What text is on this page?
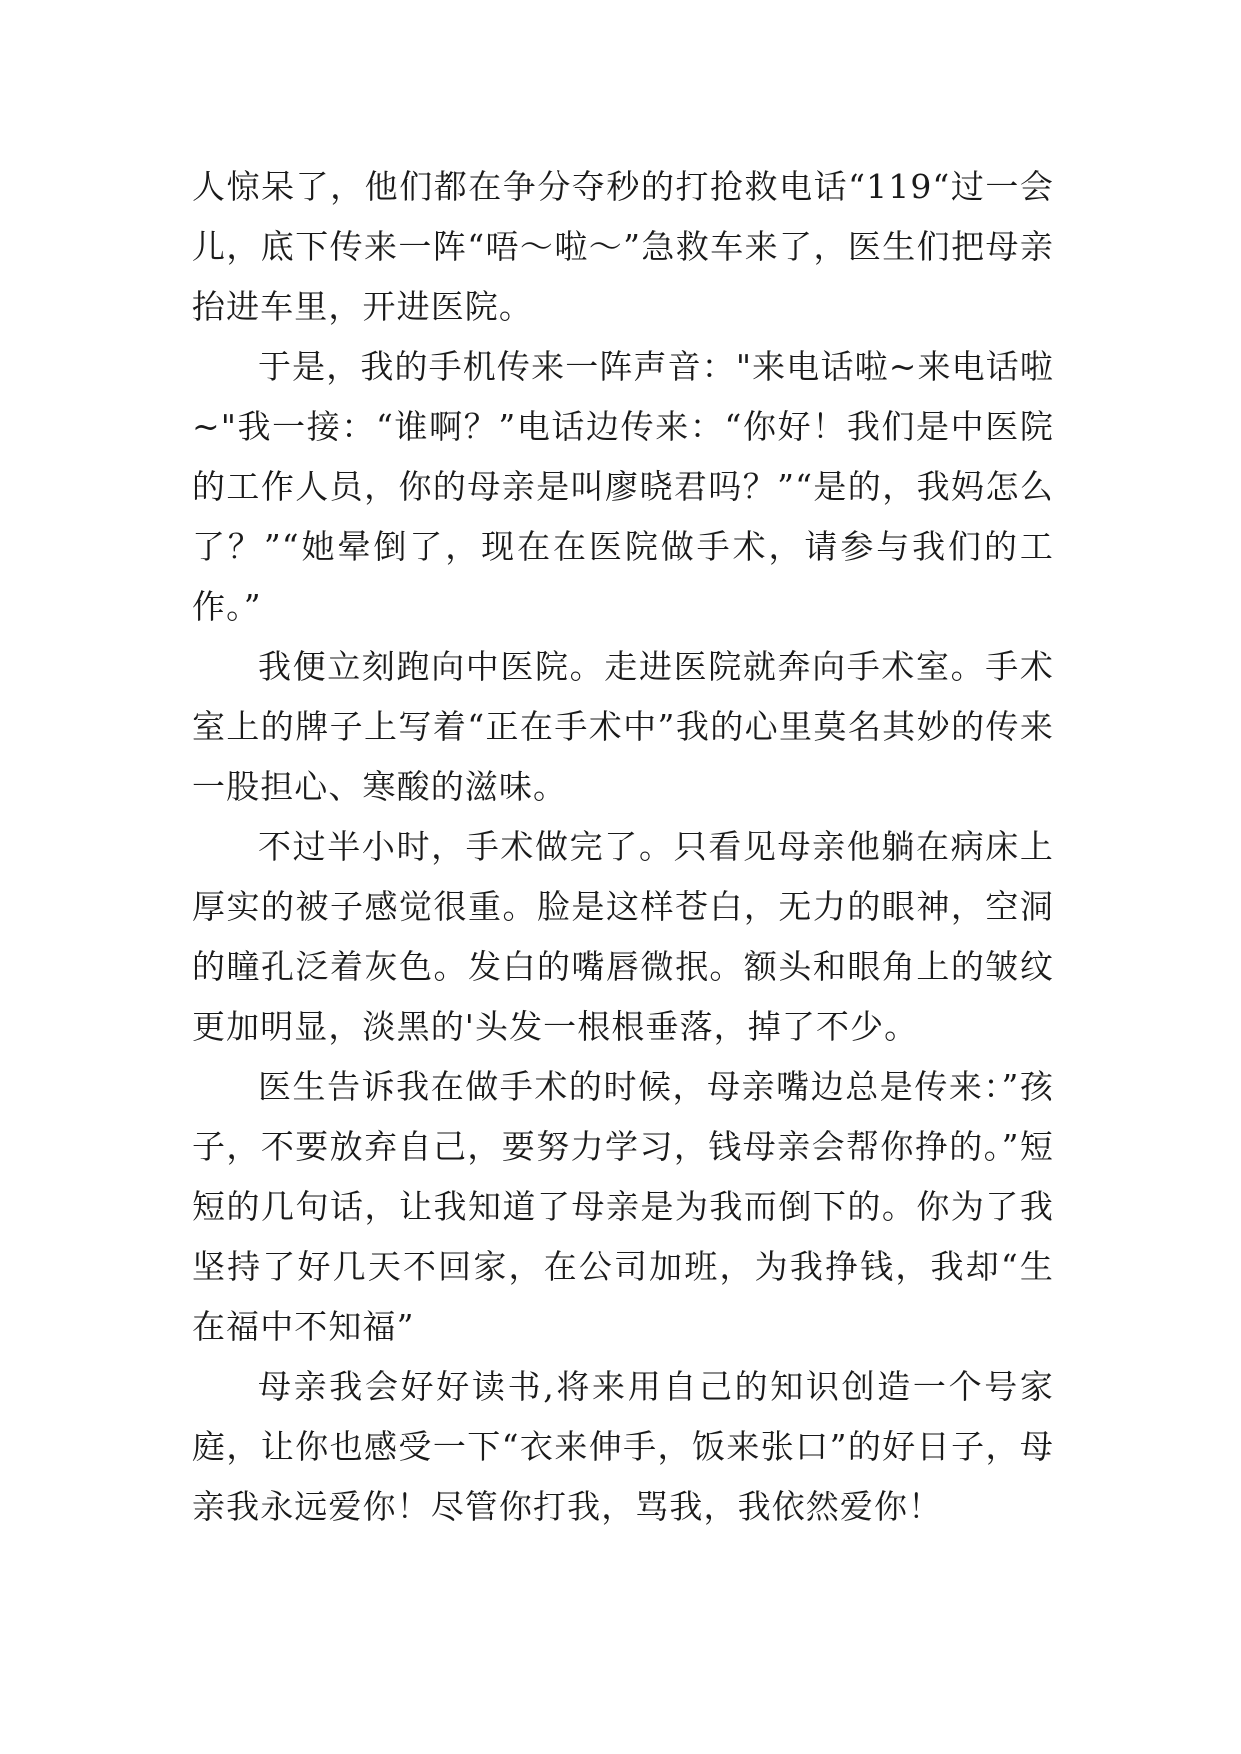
人惊呆了，他们都在争分夺秒的打抢救电话“119“过一会儿，底下传来一阵“唔～啦～”急救车来了，医生们把母亲抬进车里，开进医院。

于是，我的手机传来一阵声音："来电话啦~来电话啦~"我一接：“谁啊？”电话边传来：“你好！我们是中医院的工作人员，你的母亲是叫廖晓君吗？”“是的，我妈怎么了？”“她晕倒了，现在在医院做手术，请参与我们的工作。”

我便立刻跑向中医院。走进医院就奔向手术室。手术室上的牌子上写着“正在手术中”我的心里莫名其妙的传来一股担心、寒酸的滋味。

不过半小时，手术做完了。只看见母亲他躺在病床上厚实的被子感觉很重。脸是这样苍白，无力的眼神，空洞的瞳孔泛着灰色。发白的嘴唇微抿。额头和眼角上的皱纹更加明显，淡黑的'头发一根根垂落，掉了不少。

医生告诉我在做手术的时候，母亲嘴边总是传来：”孩子，不要放弃自己，要努力学习，钱母亲会帮你挣的。”短短的几句话，让我知道了母亲是为我而倒下的。你为了我坚持了好几天不回家，在公司加班，为我挣钱，我却“生在福中不知福”

母亲我会好好读书,将来用自己的知识创造一个号家庭，让你也感受一下“衣来伸手，饭来张口”的好日子，母亲我永远爱你！尽管你打我，骂我，我依然爱你！
